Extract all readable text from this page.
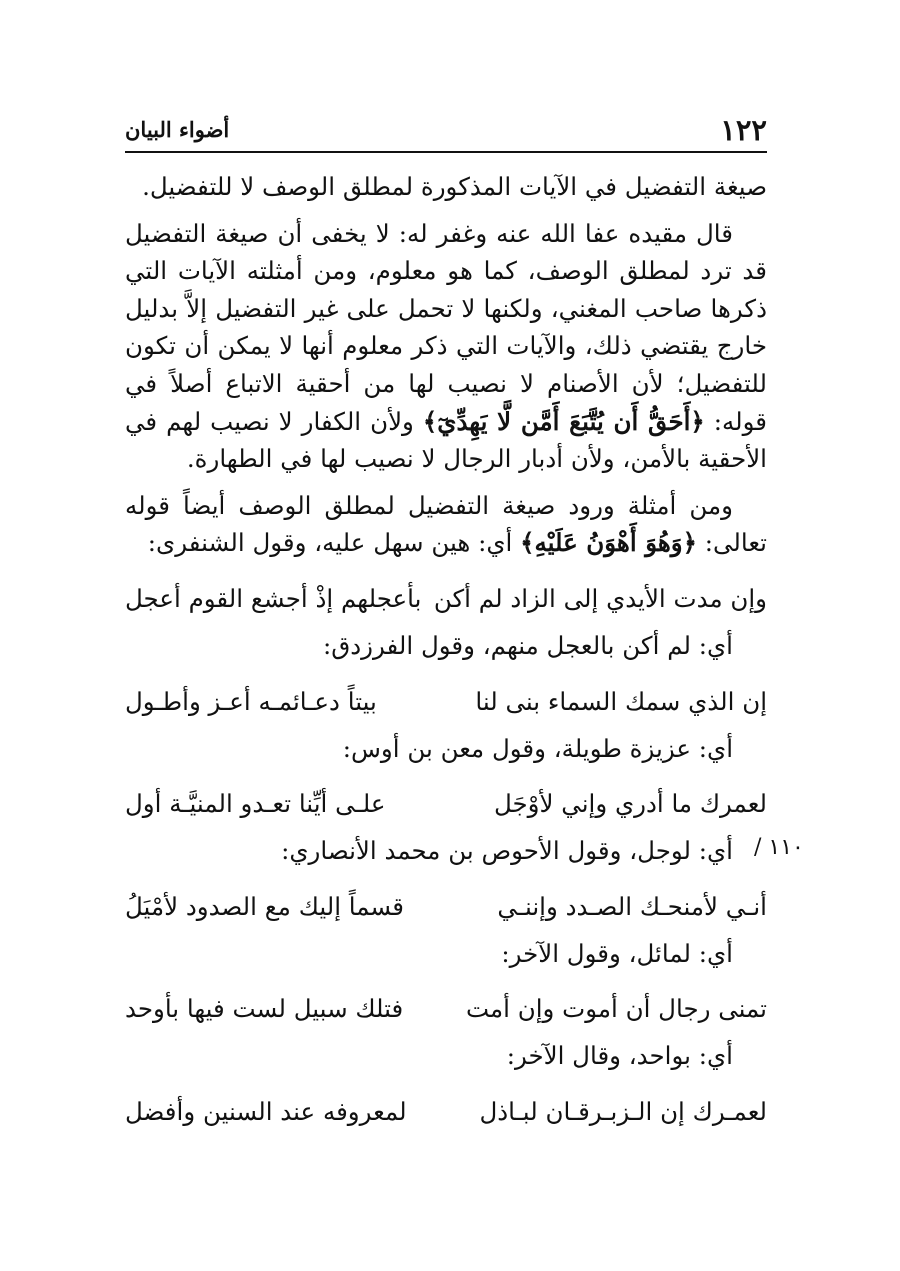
١٢٢
أضواء البيان
١١٠ /

صيغة التفضيل في الآيات المذكورة لمطلق الوصف لا للتفضيل.

قال مقيده عفا الله عنه وغفر له: لا يخفى أن صيغة التفضيل قد ترد لمطلق الوصف، كما هو معلوم، ومن أمثلته الآيات التي ذكرها صاحب المغني، ولكنها لا تحمل على غير التفضيل إلاَّ بدليل خارج يقتضي ذلك، والآيات التي ذكر معلوم أنها لا يمكن أن تكون للتفضيل؛ لأن الأصنام لا نصيب لها من أحقية الاتباع أصلاً في قوله: ﴿أَحَقُّ أَن يُتَّبَعَ أَمَّن لَّا يَهِدِّيٓ﴾ ولأن الكفار لا نصيب لهم في الأحقية بالأمن، ولأن أدبار الرجال لا نصيب لها في الطهارة.

ومن أمثلة ورود صيغة التفضيل لمطلق الوصف أيضاً قوله تعالى: ﴿وَهُوَ أَهْوَنُ عَلَيْهِ﴾ أي: هين سهل عليه، وقول الشنفرى:

وإن مدت الأيدي إلى الزاد لم أكن
بأعجلهم إذْ أجشع القوم أعجل

أي: لم أكن بالعجل منهم، وقول الفرزدق:

إن الذي سمك السماء بنى لنا
بيتاً دعـائمـه أعـز وأطـول

أي: عزيزة طويلة، وقول معن بن أوس:

لعمرك ما أدري وإني لأوْجَل
علـى أيِّنا تعـدو المنيَّـة أول

أي: لوجل، وقول الأحوص بن محمد الأنصاري:

أنـي لأمنحـك الصـدد وإننـي
قسماً إليك مع الصدود لأمْيَلُ

أي: لمائل، وقول الآخر:

تمنى رجال أن أموت وإن أمت
فتلك سبيل لست فيها بأوحد

أي: بواحد، وقال الآخر:

لعمـرك إن الـزبـرقـان لبـاذل
لمعروفه عند السنين وأفضل
